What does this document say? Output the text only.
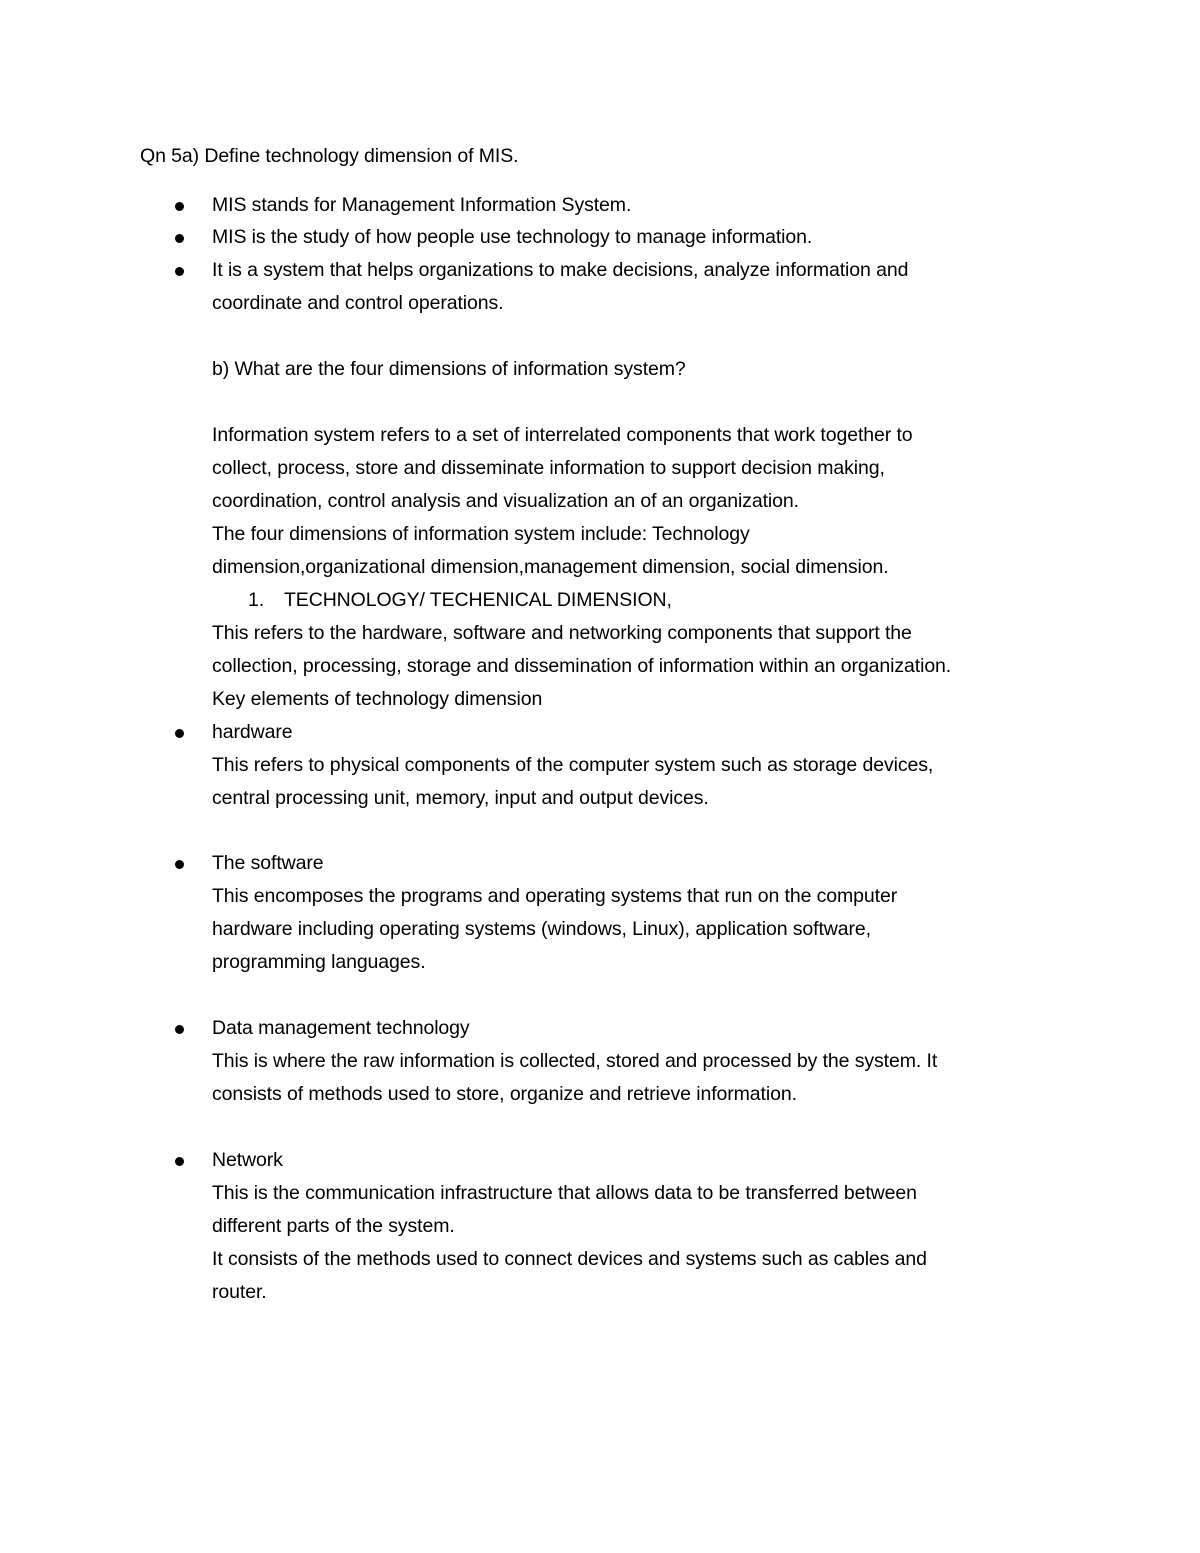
Qn 5a) Define technology dimension of MIS.
MIS stands for Management Information System.
MIS is the study of how people use technology to manage information.
It is a system that helps organizations to make decisions, analyze information and
coordinate and control operations.
b) What are the four dimensions of information system?
Information system refers to a set of interrelated components that work together to
collect, process, store and disseminate information to support decision making,
coordination, control analysis and visualization an of an organization.
The four dimensions of information system include: Technology
dimension,organizational dimension,management dimension, social dimension.
1. TECHNOLOGY/ TECHENICAL DIMENSION,
This refers to the hardware, software and networking components that support the
collection, processing, storage and dissemination of information within an organization.
Key elements of technology dimension
hardware
This refers to physical components of the computer system such as storage devices,
central processing unit, memory, input and output devices.
The software
This encomposes the programs and operating systems that run on the computer
hardware including operating systems (windows, Linux), application software,
programming languages.
Data management technology
This is where the raw information is collected, stored and processed by the system. It
consists of methods used to store, organize and retrieve information.
Network
This is the communication infrastructure that allows data to be transferred between
different parts of the system.
It consists of the methods used to connect devices and systems such as cables and
router.
